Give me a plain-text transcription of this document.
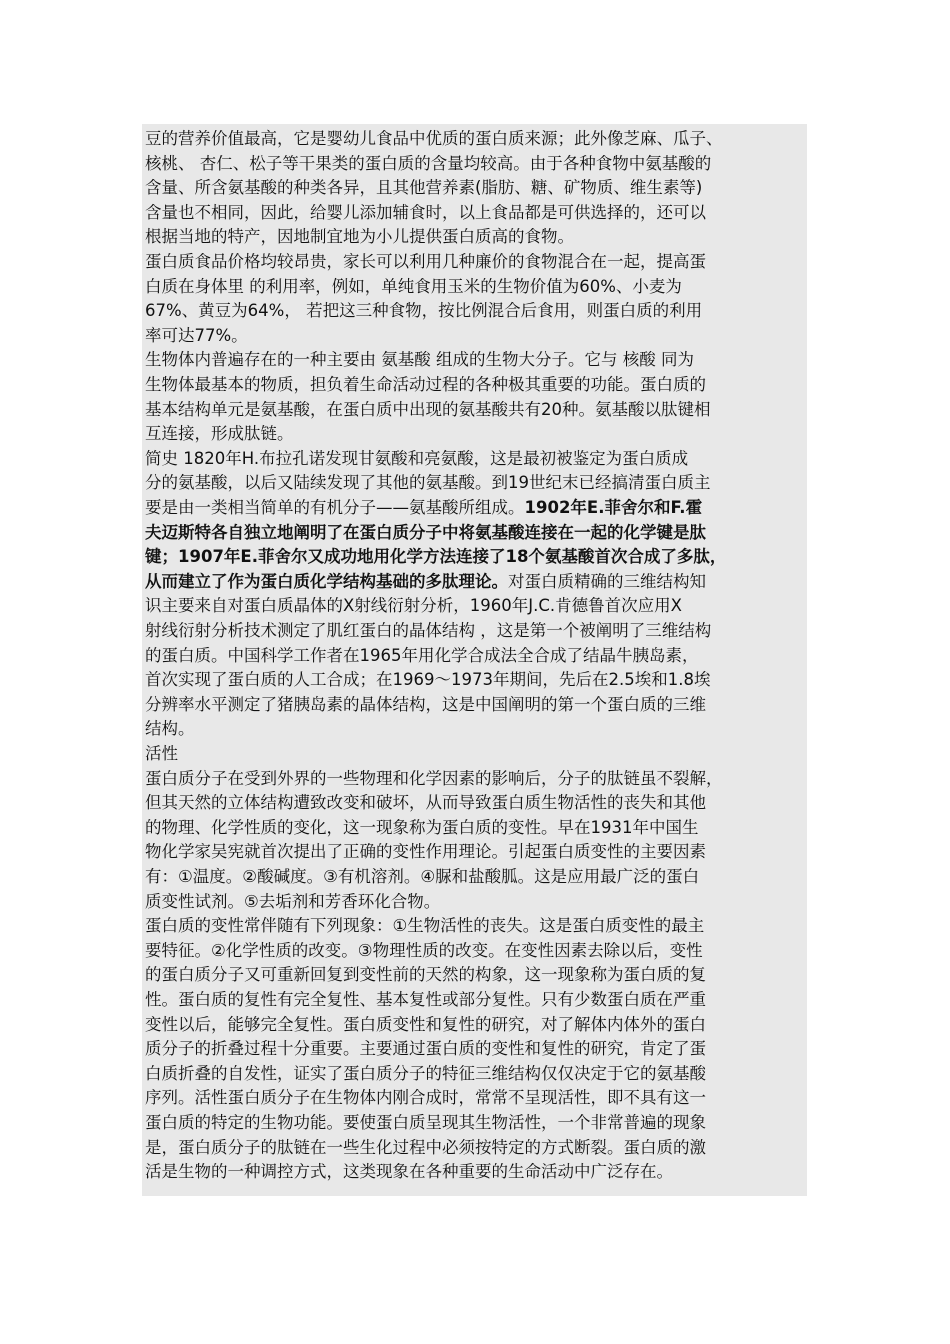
豆的营养价值最高，它是婴幼儿食品中优质的蛋白质来源；此外像芝麻、瓜子、
核桃、 杏仁、松子等干果类的蛋白质的含量均较高。由于各种食物中氨基酸的
含量、所含氨基酸的种类各异，且其他营养素(脂肪、糖、矿物质、维生素等)
含量也不相同，因此，给婴儿添加辅食时，以上食品都是可供选择的，还可以
根据当地的特产，因地制宜地为小儿提供蛋白质高的食物。
蛋白质食品价格均较昂贵，家长可以利用几种廉价的食物混合在一起，提高蛋
白质在身体里 的利用率，例如，单纯食用玉米的生物价值为60%、小麦为
67%、黄豆为64%， 若把这三种食物，按比例混合后食用，则蛋白质的利用
率可达77%。
生物体内普遍存在的一种主要由 氨基酸 组成的生物大分子。它与 核酸 同为
生物体最基本的物质，担负着生命活动过程的各种极其重要的功能。蛋白质的
基本结构单元是氨基酸，在蛋白质中出现的氨基酸共有20种。氨基酸以肽键相
互连接，形成肽链。
简史 1820年H.布拉孔诺发现甘氨酸和亮氨酸，这是最初被鉴定为蛋白质成
分的氨基酸，以后又陆续发现了其他的氨基酸。到19世纪末已经搞清蛋白质主
要是由一类相当简单的有机分子——氨基酸所组成。1902年E.菲舍尔和F.霍
夫迈斯特各自独立地阐明了在蛋白质分子中将氨基酸连接在一起的化学键是肽
键；1907年E.菲舍尔又成功地用化学方法连接了18个氨基酸首次合成了多肽，
从而建立了作为蛋白质化学结构基础的多肽理论。对蛋白质精确的三维结构知
识主要来自对蛋白质晶体的X射线衍射分析，1960年J.C.肯德鲁首次应用X
射线衍射分析技术测定了肌红蛋白的晶体结构 ，这是第一个被阐明了三维结构
的蛋白质。中国科学工作者在1965年用化学合成法全合成了结晶牛胰岛素，
首次实现了蛋白质的人工合成；在1969～1973年期间，先后在2.5埃和1.8埃
分辨率水平测定了猪胰岛素的晶体结构，这是中国阐明的第一个蛋白质的三维
结构。
活性
蛋白质分子在受到外界的一些物理和化学因素的影响后，分子的肽链虽不裂解，
但其天然的立体结构遭致改变和破坏，从而导致蛋白质生物活性的丧失和其他
的物理、化学性质的变化，这一现象称为蛋白质的变性。早在1931年中国生
物化学家吴宪就首次提出了正确的变性作用理论。引起蛋白质变性的主要因素
有：①温度。②酸碱度。③有机溶剂。④脲和盐酸胍。这是应用最广泛的蛋白
质变性试剂。⑤去垢剂和芳香环化合物。
蛋白质的变性常伴随有下列现象：①生物活性的丧失。这是蛋白质变性的最主
要特征。②化学性质的改变。③物理性质的改变。在变性因素去除以后，变性
的蛋白质分子又可重新回复到变性前的天然的构象，这一现象称为蛋白质的复
性。蛋白质的复性有完全复性、基本复性或部分复性。只有少数蛋白质在严重
变性以后，能够完全复性。蛋白质变性和复性的研究，对了解体内体外的蛋白
质分子的折叠过程十分重要。主要通过蛋白质的变性和复性的研究，肯定了蛋
白质折叠的自发性，证实了蛋白质分子的特征三维结构仅仅决定于它的氨基酸
序列。活性蛋白质分子在生物体内刚合成时，常常不呈现活性，即不具有这一
蛋白质的特定的生物功能。要使蛋白质呈现其生物活性，一个非常普遍的现象
是，蛋白质分子的肽链在一些生化过程中必须按特定的方式断裂。蛋白质的激
活是生物的一种调控方式，这类现象在各种重要的生命活动中广泛存在。
